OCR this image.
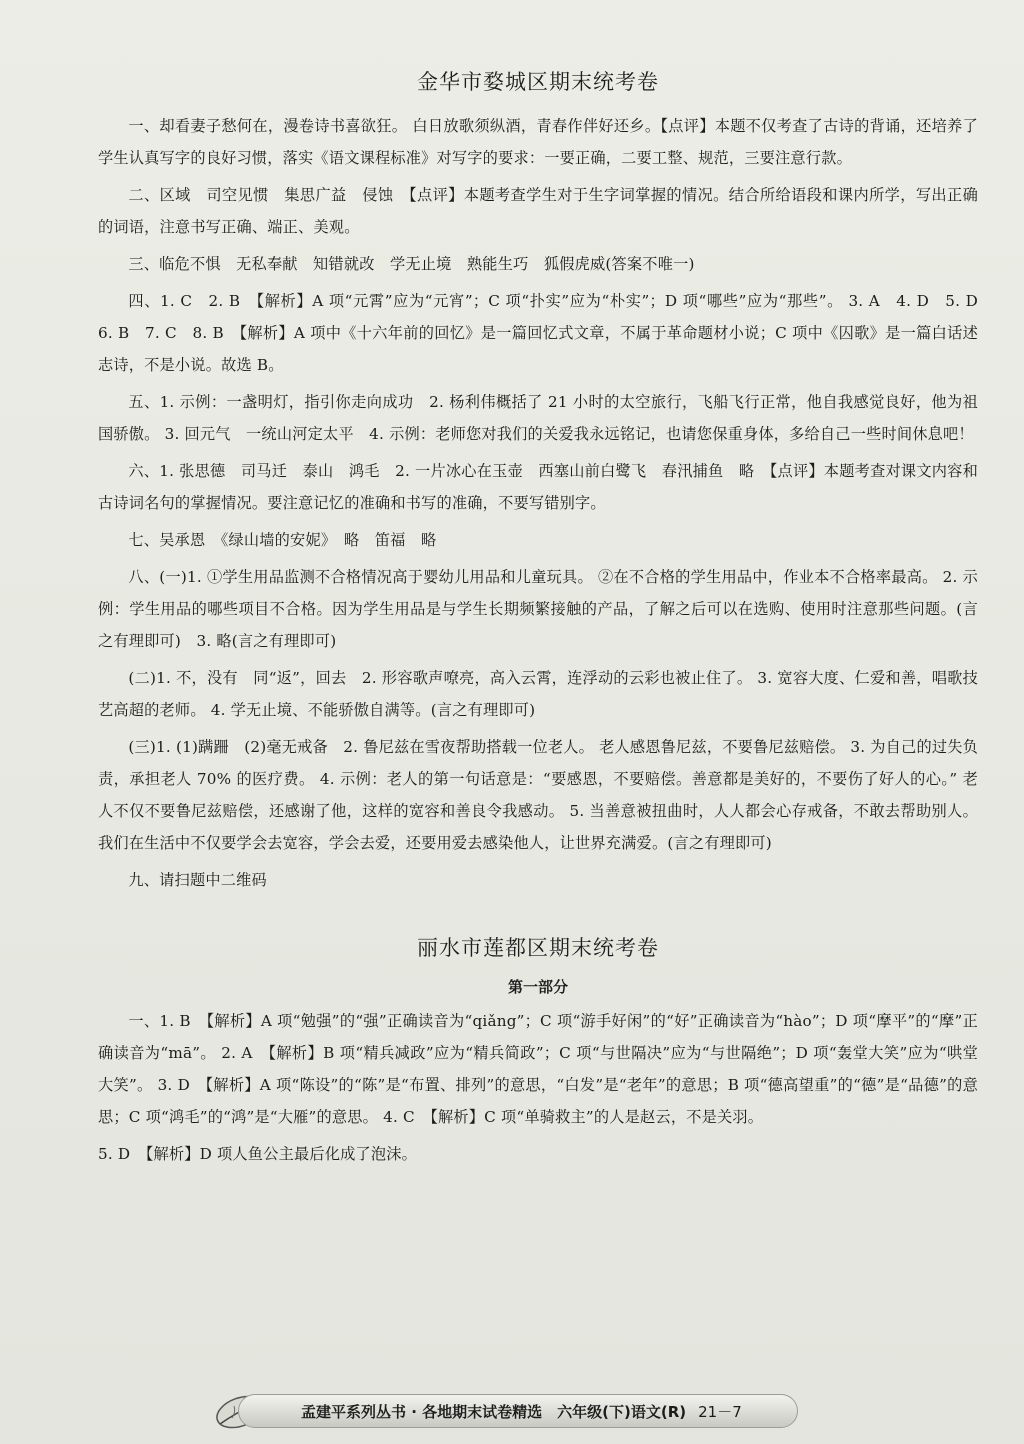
金华市婺城区期末统考卷

一、却看妻子愁何在，漫卷诗书喜欲狂。 白日放歌须纵酒，青春作伴好还乡。【点评】本题不仅考查了古诗的背诵，还培养了学生认真写字的良好习惯，落实《语文课程标准》对写字的要求：一要正确，二要工整、规范，三要注意行款。

二、区域　司空见惯　集思广益　侵蚀　【点评】本题考查学生对于生字词掌握的情况。结合所给语段和课内所学，写出正确的词语，注意书写正确、端正、美观。

三、临危不惧　无私奉献　知错就改　学无止境　熟能生巧　狐假虎威(答案不唯一)

四、1. C　2. B　【解析】A 项“元霄”应为“元宵”；C 项“扑实”应为“朴实”；D 项“哪些”应为“那些”。 3. A　4. D　5. D　6. B　7. C　8. B　【解析】A 项中《十六年前的回忆》是一篇回忆式文章，不属于革命题材小说；C 项中《囚歌》是一篇白话述志诗，不是小说。故选 B。

五、1. 示例：一盏明灯，指引你走向成功　2. 杨利伟概括了 21 小时的太空旅行，飞船飞行正常，他自我感觉良好，他为祖国骄傲。 3. 回元气　一统山河定太平　4. 示例：老师您对我们的关爱我永远铭记，也请您保重身体，多给自己一些时间休息吧！

六、1. 张思德　司马迁　泰山　鸿毛　2. 一片冰心在玉壶　西塞山前白鹭飞　春汛捕鱼　略　【点评】本题考查对课文内容和古诗词名句的掌握情况。要注意记忆的准确和书写的准确，不要写错别字。

七、吴承恩　《绿山墙的安妮》　略　笛福　略

八、(一)1. ①学生用品监测不合格情况高于婴幼儿用品和儿童玩具。 ②在不合格的学生用品中，作业本不合格率最高。 2. 示例：学生用品的哪些项目不合格。因为学生用品是与学生长期频繁接触的产品，了解之后可以在选购、使用时注意那些问题。(言之有理即可)　3. 略(言之有理即可)

(二)1. 不，没有　同“返”，回去　2. 形容歌声嘹亮，高入云霄，连浮动的云彩也被止住了。 3. 宽容大度、仁爱和善，唱歌技艺高超的老师。 4. 学无止境、不能骄傲自满等。(言之有理即可)

(三)1. (1)蹒跚　(2)毫无戒备　2. 鲁尼兹在雪夜帮助搭载一位老人。 老人感恩鲁尼兹，不要鲁尼兹赔偿。 3. 为自己的过失负责，承担老人 70% 的医疗费。 4. 示例：老人的第一句话意是：“要感恩，不要赔偿。善意都是美好的，不要伤了好人的心。” 老人不仅不要鲁尼兹赔偿，还感谢了他，这样的宽容和善良令我感动。 5. 当善意被扭曲时，人人都会心存戒备，不敢去帮助别人。我们在生活中不仅要学会去宽容，学会去爱，还要用爱去感染他人，让世界充满爱。(言之有理即可)

九、请扫题中二维码

丽水市莲都区期末统考卷
第一部分

一、1. B　【解析】A 项“勉强”的“强”正确读音为“qiǎng”；C 项“游手好闲”的“好”正确读音为“hào”；D 项“摩平”的“摩”正确读音为“mā”。 2. A　【解析】B 项“精兵减政”应为“精兵简政”；C 项“与世隔决”应为“与世隔绝”；D 项“轰堂大笑”应为“哄堂大笑”。 3. D　【解析】A 项“陈设”的“陈”是“布置、排列”的意思，“白发”是“老年”的意思；B 项“德高望重”的“德”是“品德”的意思；C 项“鸿毛”的“鸿”是“大雁”的意思。 4. C　【解析】C 项“单骑救主”的人是赵云，不是关羽。

5. D　【解析】D 项人鱼公主最后化成了泡沫。

孟建平系列丛书 · 各地期末试卷精选　六年级(下)语文(R) 21－7
